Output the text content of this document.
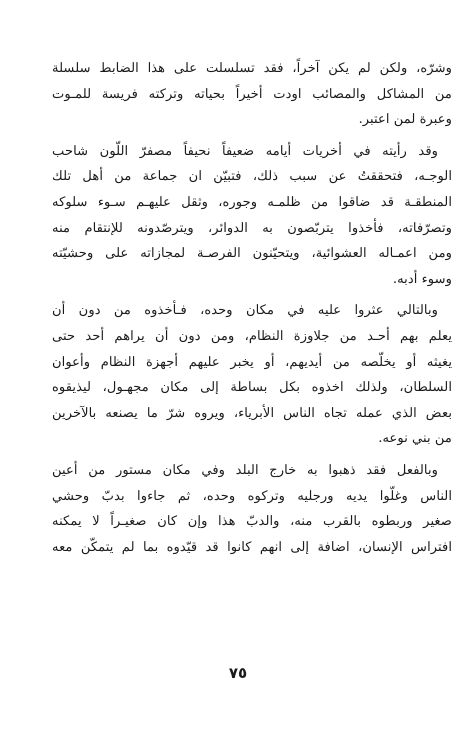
وشرّه، ولكن لم يكن آخراً، فقد تسلسلت على هذا الضابط سلسلة
من المشاكل والمصائب اودت أخيراً بحياته وتركته فريسة للمـوت
وعبرة لمن اعتبر.
وقد رأيته في أخريات أيامه ضعيفاً نحيفاً مصفرّ اللّون شاحب
الوجـه، فتحققتُ عن سبب ذلك، فتبيّن ان جماعة من أهل تلك
المنطقـة قد ضاقوا من ظلمـه وجوره، وثقل عليهـم سـوء سلوكه
وتصرّفاته، فأخذوا يتربّصون به الدوائر، ويترصّدونه للإنتقام منه
ومن اعمـاله العشوائية، ويتحيّنون الفرصـة لمجازاته على وحشيّته
وسوء أدبه.
وبالتالي عثروا عليه في مكان وحده، فـأخذوه من دون أن
يعلم بهم أحـد من جلاوزة النظام، ومن دون أن يراهم أحد حتى
يغيثه أو يخلّصه من أيديهم، أو يخبر عليهم أجهزة النظام وأعوان
السلطان، ولذلك اخذوه بكل بساطة إلى مكان مجهـول، ليذيقوه
بعض الذي عمله تجاه الناس الأبرياء، ويروه شرّ ما يصنعه بالآخرين
من بني نوعه.
وبالفعل فقد ذهبوا به خارج البلد وفي مكان مستور من أعين
الناس وغلّوا يديه ورجليه وتركوه وحده، ثم جاءوا بدبّ وحشي
صغير وربطوه بالقرب منه، والدبّ هذا وإن كان صغيـراً لا يمكنه
افتراس الإنسان، اضافة إلى انهم كانوا قد قيّدوه بما لم يتمكّن معه
٧٥
